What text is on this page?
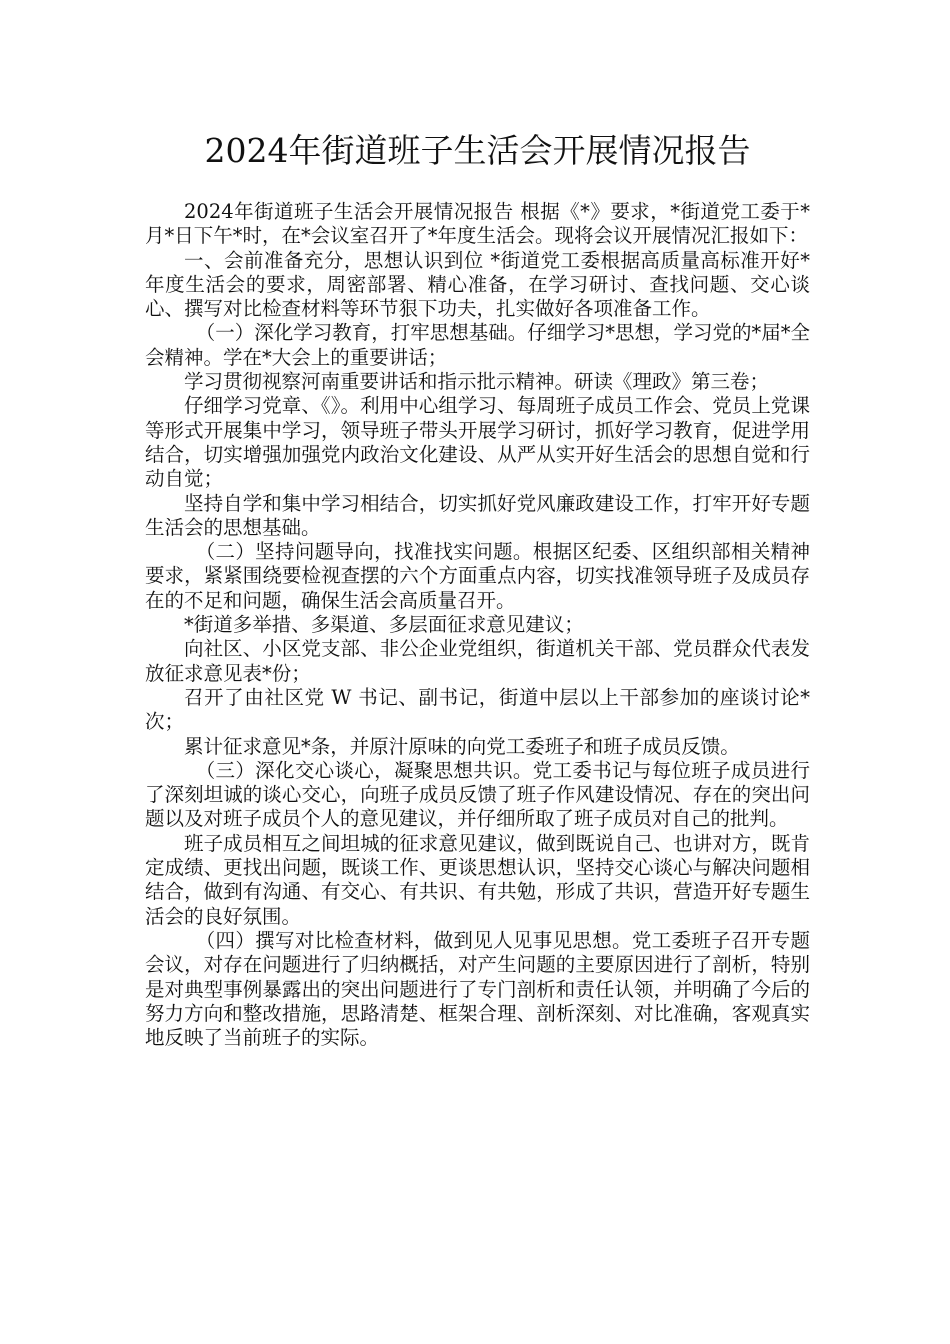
2024年街道班子生活会开展情况报告

2024年街道班子生活会开展情况报告 根据《*》要求，*街道党工委于*月*日下午*时，在*会议室召开了*年度生活会。现将会议开展情况汇报如下：

一、会前准备充分，思想认识到位 *街道党工委根据高质量高标准开好*年度生活会的要求，周密部署、精心准备，在学习研讨、查找问题、交心谈心、撰写对比检查材料等环节狠下功夫，扎实做好各项准备工作。

（一）深化学习教育，打牢思想基础。仔细学习*思想，学习党的*届*全会精神。学在*大会上的重要讲话；

学习贯彻视察河南重要讲话和指示批示精神。研读《理政》第三卷；

仔细学习党章、《》。利用中心组学习、每周班子成员工作会、党员上党课等形式开展集中学习，领导班子带头开展学习研讨，抓好学习教育，促进学用结合，切实增强加强党内政治文化建设、从严从实开好生活会的思想自觉和行动自觉；

坚持自学和集中学习相结合，切实抓好党风廉政建设工作，打牢开好专题生活会的思想基础。

（二）坚持问题导向，找准找实问题。根据区纪委、区组织部相关精神要求，紧紧围绕要检视查摆的六个方面重点内容，切实找准领导班子及成员存在的不足和问题，确保生活会高质量召开。

*街道多举措、多渠道、多层面征求意见建议；

向社区、小区党支部、非公企业党组织，街道机关干部、党员群众代表发放征求意见表*份；

召开了由社区党 W 书记、副书记，街道中层以上干部参加的座谈讨论*次；

累计征求意见*条，并原汁原味的向党工委班子和班子成员反馈。

（三）深化交心谈心，凝聚思想共识。党工委书记与每位班子成员进行了深刻坦诚的谈心交心，向班子成员反馈了班子作风建设情况、存在的突出问题以及对班子成员个人的意见建议，并仔细所取了班子成员对自己的批判。

班子成员相互之间坦城的征求意见建议，做到既说自己、也讲对方，既肯定成绩、更找出问题，既谈工作、更谈思想认识，坚持交心谈心与解决问题相结合，做到有沟通、有交心、有共识、有共勉，形成了共识，营造开好专题生活会的良好氛围。

（四）撰写对比检查材料，做到见人见事见思想。党工委班子召开专题会议，对存在问题进行了归纳概括，对产生问题的主要原因进行了剖析，特别是对典型事例暴露出的突出问题进行了专门剖析和责任认领，并明确了今后的努力方向和整改措施，思路清楚、框架合理、剖析深刻、对比准确，客观真实地反映了当前班子的实际。
